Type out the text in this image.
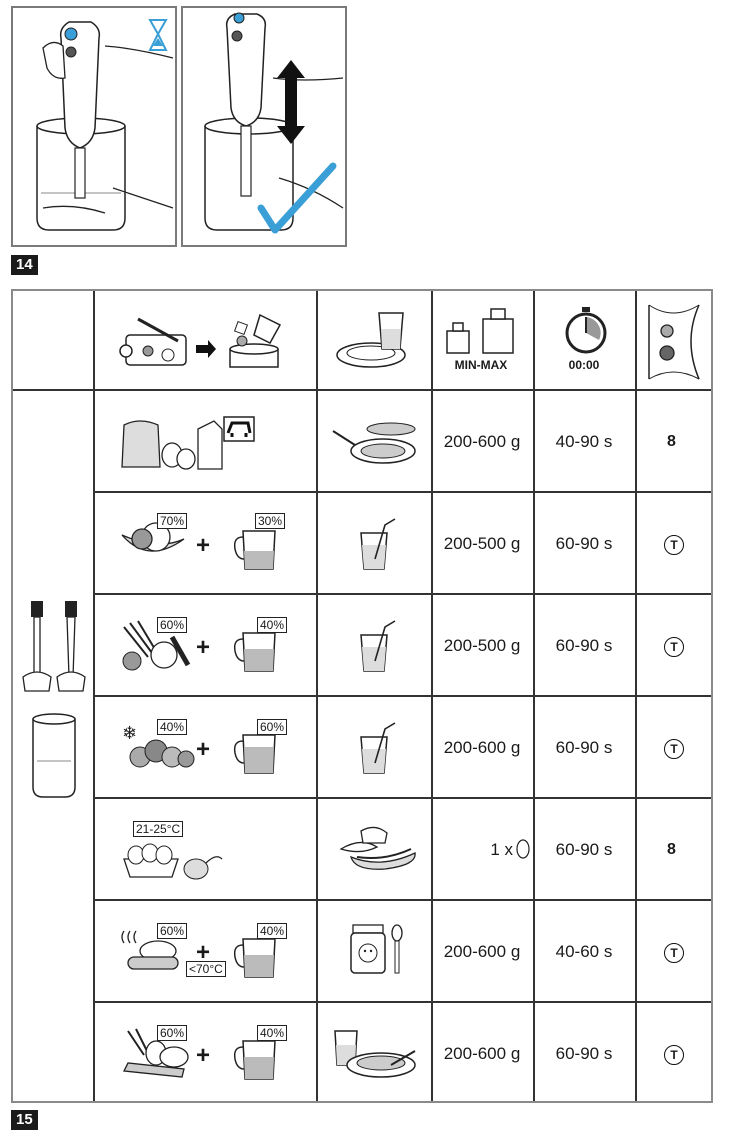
14
MIN-MAX	00:00
200-600 g	40-90 s	8
70%
+
30%
200-500 g	60-90 s	T
60%
+
40%
200-500 g	60-90 s	T
❄ 40%
+
60%
200-600 g	60-90 s	T
21-25°C
1 x	60-90 s	8
60%
<70°C
+
40%
200-600 g	40-60 s	T
60%
+
40%
200-600 g	60-90 s	T
15
